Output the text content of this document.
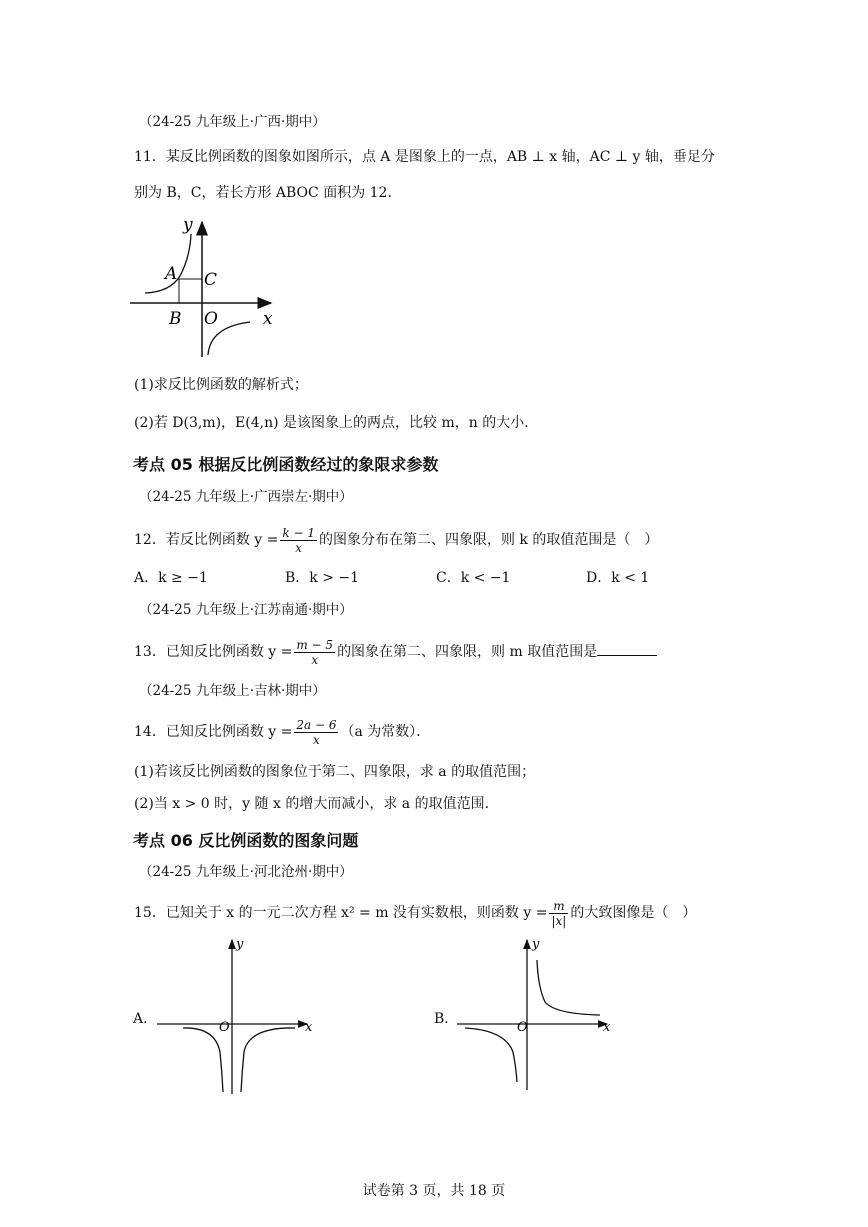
（24-25 九年级上·广西·期中）
11．某反比例函数的图象如图所示，点 A 是图象上的一点，AB ⊥ x 轴，AC ⊥ y 轴，垂足分
别为 B，C，若长方形 ABOC 面积为 12．
y
x
A
B
C
O
(1)求反比例函数的解析式；
(2)若 D(3,m)，E(4,n) 是该图象上的两点，比较 m，n 的大小．
考点 05 根据反比例函数经过的象限求参数
（24-25 九年级上·广西崇左·期中）
12．若反比例函数 $y = \frac{k - 1}{x}$ 的图象分布在第二、四象限，则 k 的取值范围是（　）
A．k ≥ −1	B．k > −1	C．k < −1	D．k < 1
（24-25 九年级上·江苏南通·期中）
13．已知反比例函数 $y = \frac{m - 5}{x}$ 的图象在第二、四象限，则 m 取值范围是
（24-25 九年级上·吉林·期中）
14．已知反比例函数 $y = \frac{2a - 6}{x} (a$ 为常数）．
(1)若该反比例函数的图象位于第二、四象限，求 a 的取值范围；
(2)当 x > 0 时，y 随 x 的增大而减小，求 a 的取值范围．
考点 06 反比例函数的图象问题
（24-25 九年级上·河北沧州·期中）
15．已知关于 x 的一元二次方程 x² = m 没有实数根，则函数 $y = \frac{m}{|x|}$ 的大致图像是（　）
A．
y
x
O
B．
y
x
O
试卷第 3 页，共 18 页
